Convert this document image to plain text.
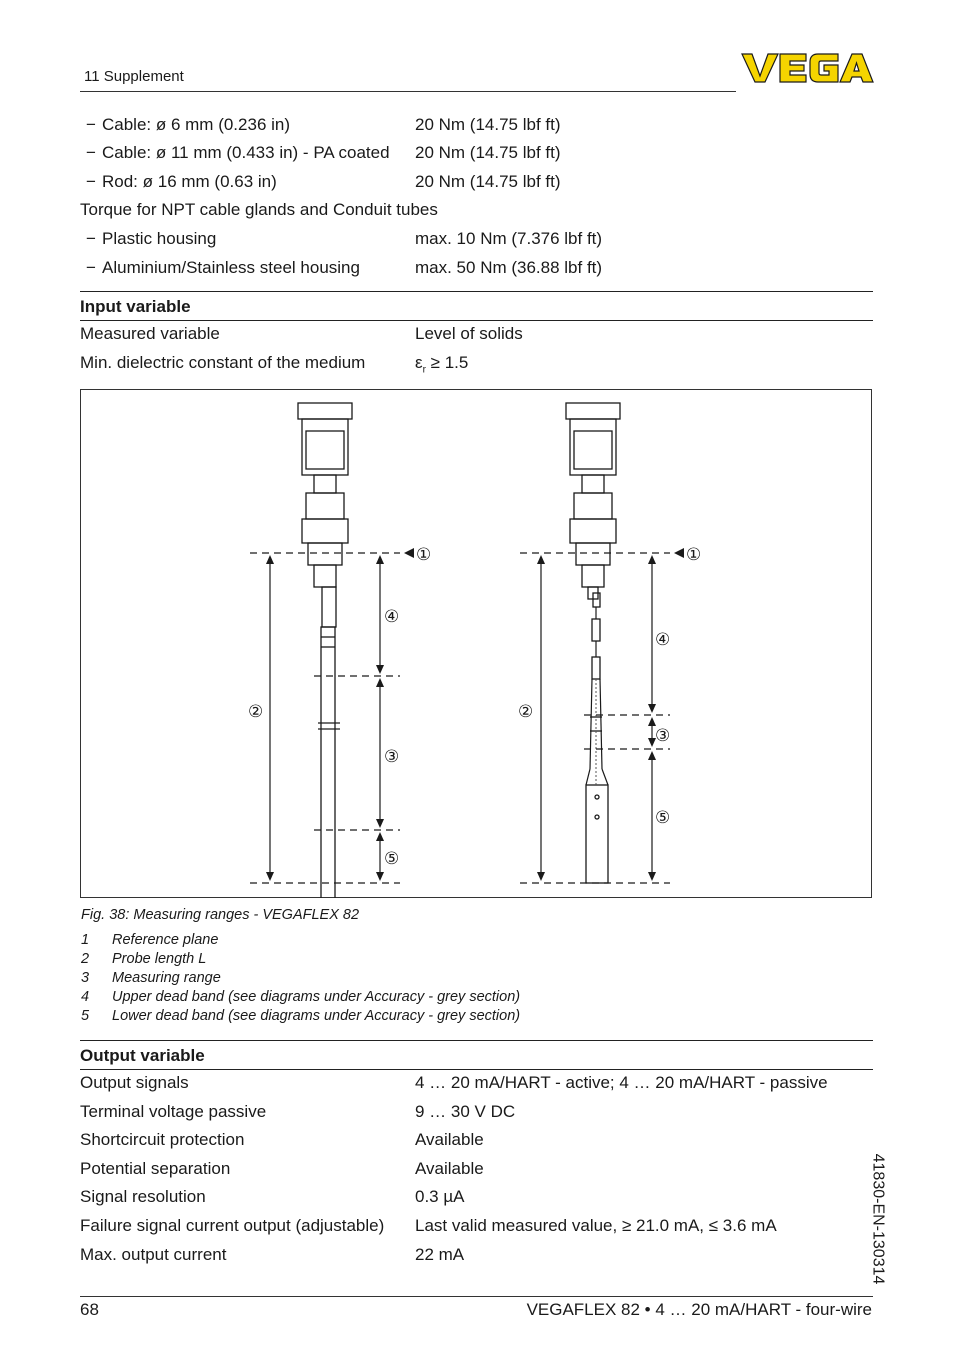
11 Supplement
− Cable: ø 6 mm (0.236 in)	20 Nm (14.75 lbf ft)
− Cable: ø 11 mm (0.433 in) - PA coated 20 Nm (14.75 lbf ft)
− Rod: ø 16 mm (0.63 in)	20 Nm (14.75 lbf ft)
Torque for NPT cable glands and Conduit tubes
− Plastic housing	max. 10 Nm (7.376 lbf ft)
− Aluminium/Stainless steel housing	max. 50 Nm (36.88 lbf ft)
Input variable
Measured variable	Level of solids
Min. dielectric constant of the medium	$\varepsilon_r \ge 1.5$
①
②
④
③
⑤
①
②
④
③
⑤
Fig. 38: Measuring ranges - VEGAFLEX 82
1 Reference plane
2 Probe length L
3 Measuring range
4 Upper dead band (see diagrams under Accuracy - grey section)
5 Lower dead band (see diagrams under Accuracy - grey section)
Output variable
Output signals	4 … 20 mA/HART - active; 4 … 20 mA/HART - passive
Terminal voltage passive	9 … 30 V DC
Shortcircuit protection	Available
Potential separation	Available
Signal resolution	0.3 µA
Failure signal current output (adjustable) Last valid measured value, ≥ 21.0 mA, ≤ 3.6 mA
Max. output current	22 mA	41830-EN-130314
68	VEGAFLEX 82 • 4 … 20 mA/HART - four-wire
